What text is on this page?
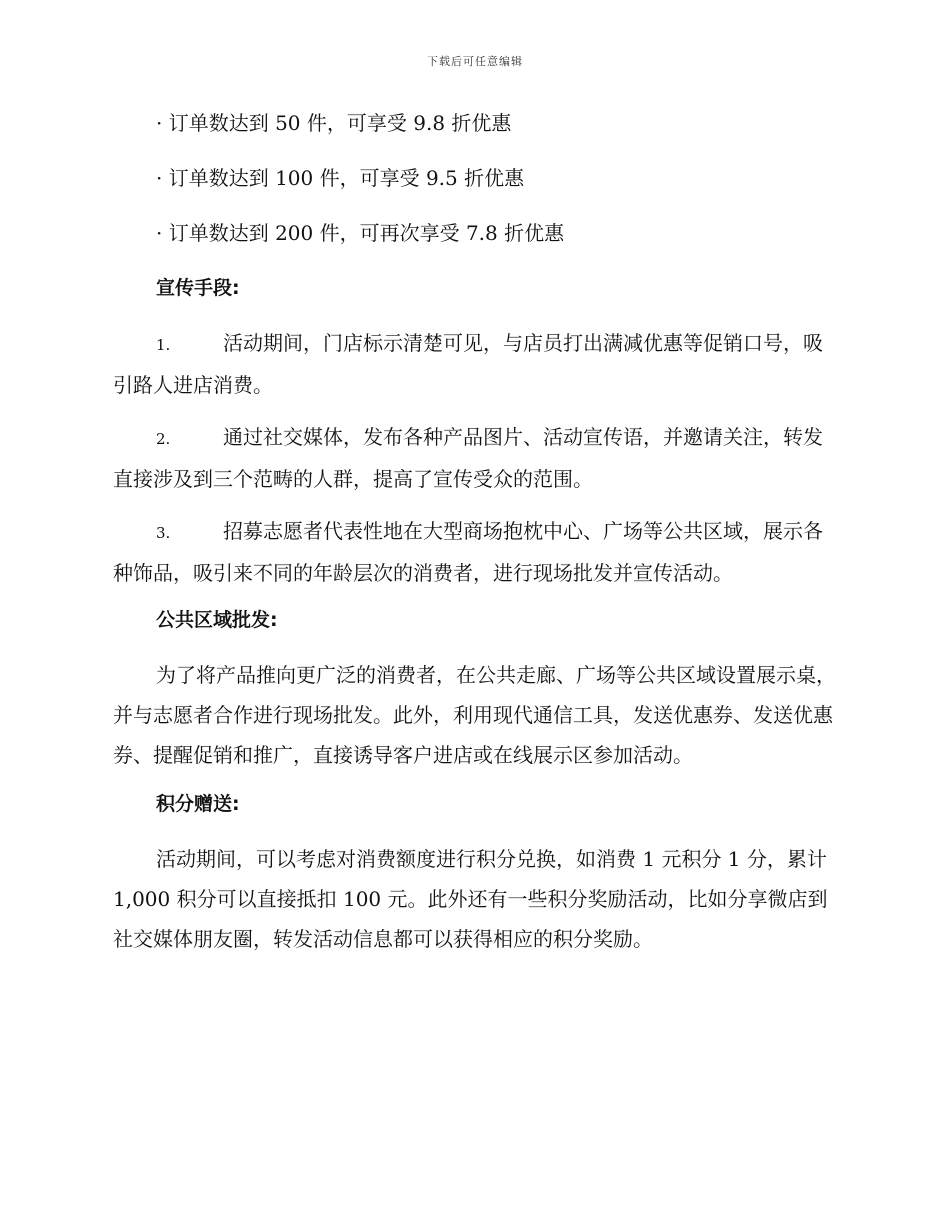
下载后可任意编辑
· 订单数达到 50 件，可享受 9.8 折优惠
· 订单数达到 100 件，可享受 9.5 折优惠
· 订单数达到 200 件，可再次享受 7.8 折优惠
宣传手段:
1.	活动期间，门店标示清楚可见，与店员打出满减优惠等促销口号，吸引路人进店消费。
2.	通过社交媒体，发布各种产品图片、活动宣传语，并邀请关注，转发直接涉及到三个范畴的人群，提高了宣传受众的范围。
3.	招募志愿者代表性地在大型商场抱枕中心、广场等公共区域，展示各种饰品，吸引来不同的年龄层次的消费者，进行现场批发并宣传活动。
公共区域批发:
为了将产品推向更广泛的消费者，在公共走廊、广场等公共区域设置展示桌，并与志愿者合作进行现场批发。此外，利用现代通信工具，发送优惠券、发送优惠券、提醒促销和推广，直接诱导客户进店或在线展示区参加活动。
积分赠送:
活动期间，可以考虑对消费额度进行积分兑换，如消费 1 元积分 1 分，累计 1,000 积分可以直接抵扣 100 元。此外还有一些积分奖励活动，比如分享微店到社交媒体朋友圈，转发活动信息都可以获得相应的积分奖励。
